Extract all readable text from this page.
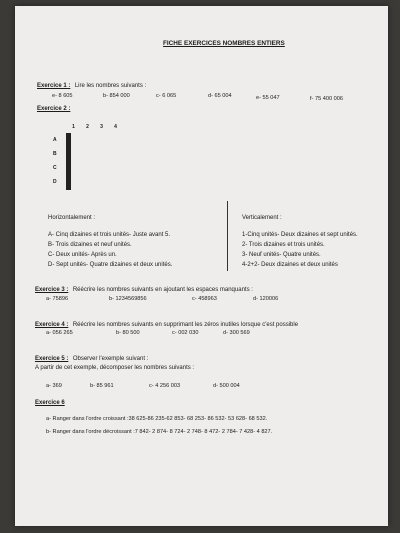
FICHE EXERCICES NOMBRES ENTIERS
Exercice 1 : Lire les nombres suivants :
e- 8 605	b- 854 000	c- 6 065	d- 65 004	e- 55 047	f- 75 400 006
Exercice 2 :
1	2	3	4
A
B
C
D

Horizontalement :
A- Cinq dizaines et trois unités- Juste avant 5.
B- Trois dizaines et neuf unités.
C- Deux unités- Après un.
D- Sept unités- Quatre dizaines et deux unités.
Verticalement :
1-Cinq unités- Deux dizaines et sept unités.
2- Trois dizaines et trois unités.
3- Neuf unités- Quatre unités.
4-2+2- Deux dizaines et deux unités
Exercice 3 : Réécrire les nombres suivants en ajoutant les espaces manquants :
a- 75896	b- 1234569856	c- 458963	d- 120006
Exercice 4 : Réécrire les nombres suivants en supprimant les zéros inutiles lorsque c'est possible
a- 056 265	b- 80 500	c- 002 030	d- 300 569
Exercice 5 : Observer l'exemple suivant :
A partir de cet exemple, décomposer les nombres suivants :
a- 369	b- 85 961	c- 4 256 003	d- 500 004
Exercice 6
a- Ranger dans l'ordre croissant :38 625-86 235-62 853- 68 253- 86 532- 53 628- 68 532.
b- Ranger dans l'ordre décroissant :7 842- 2 874- 8 724- 2 748- 8 472- 2 784- 7 428- 4 827.
